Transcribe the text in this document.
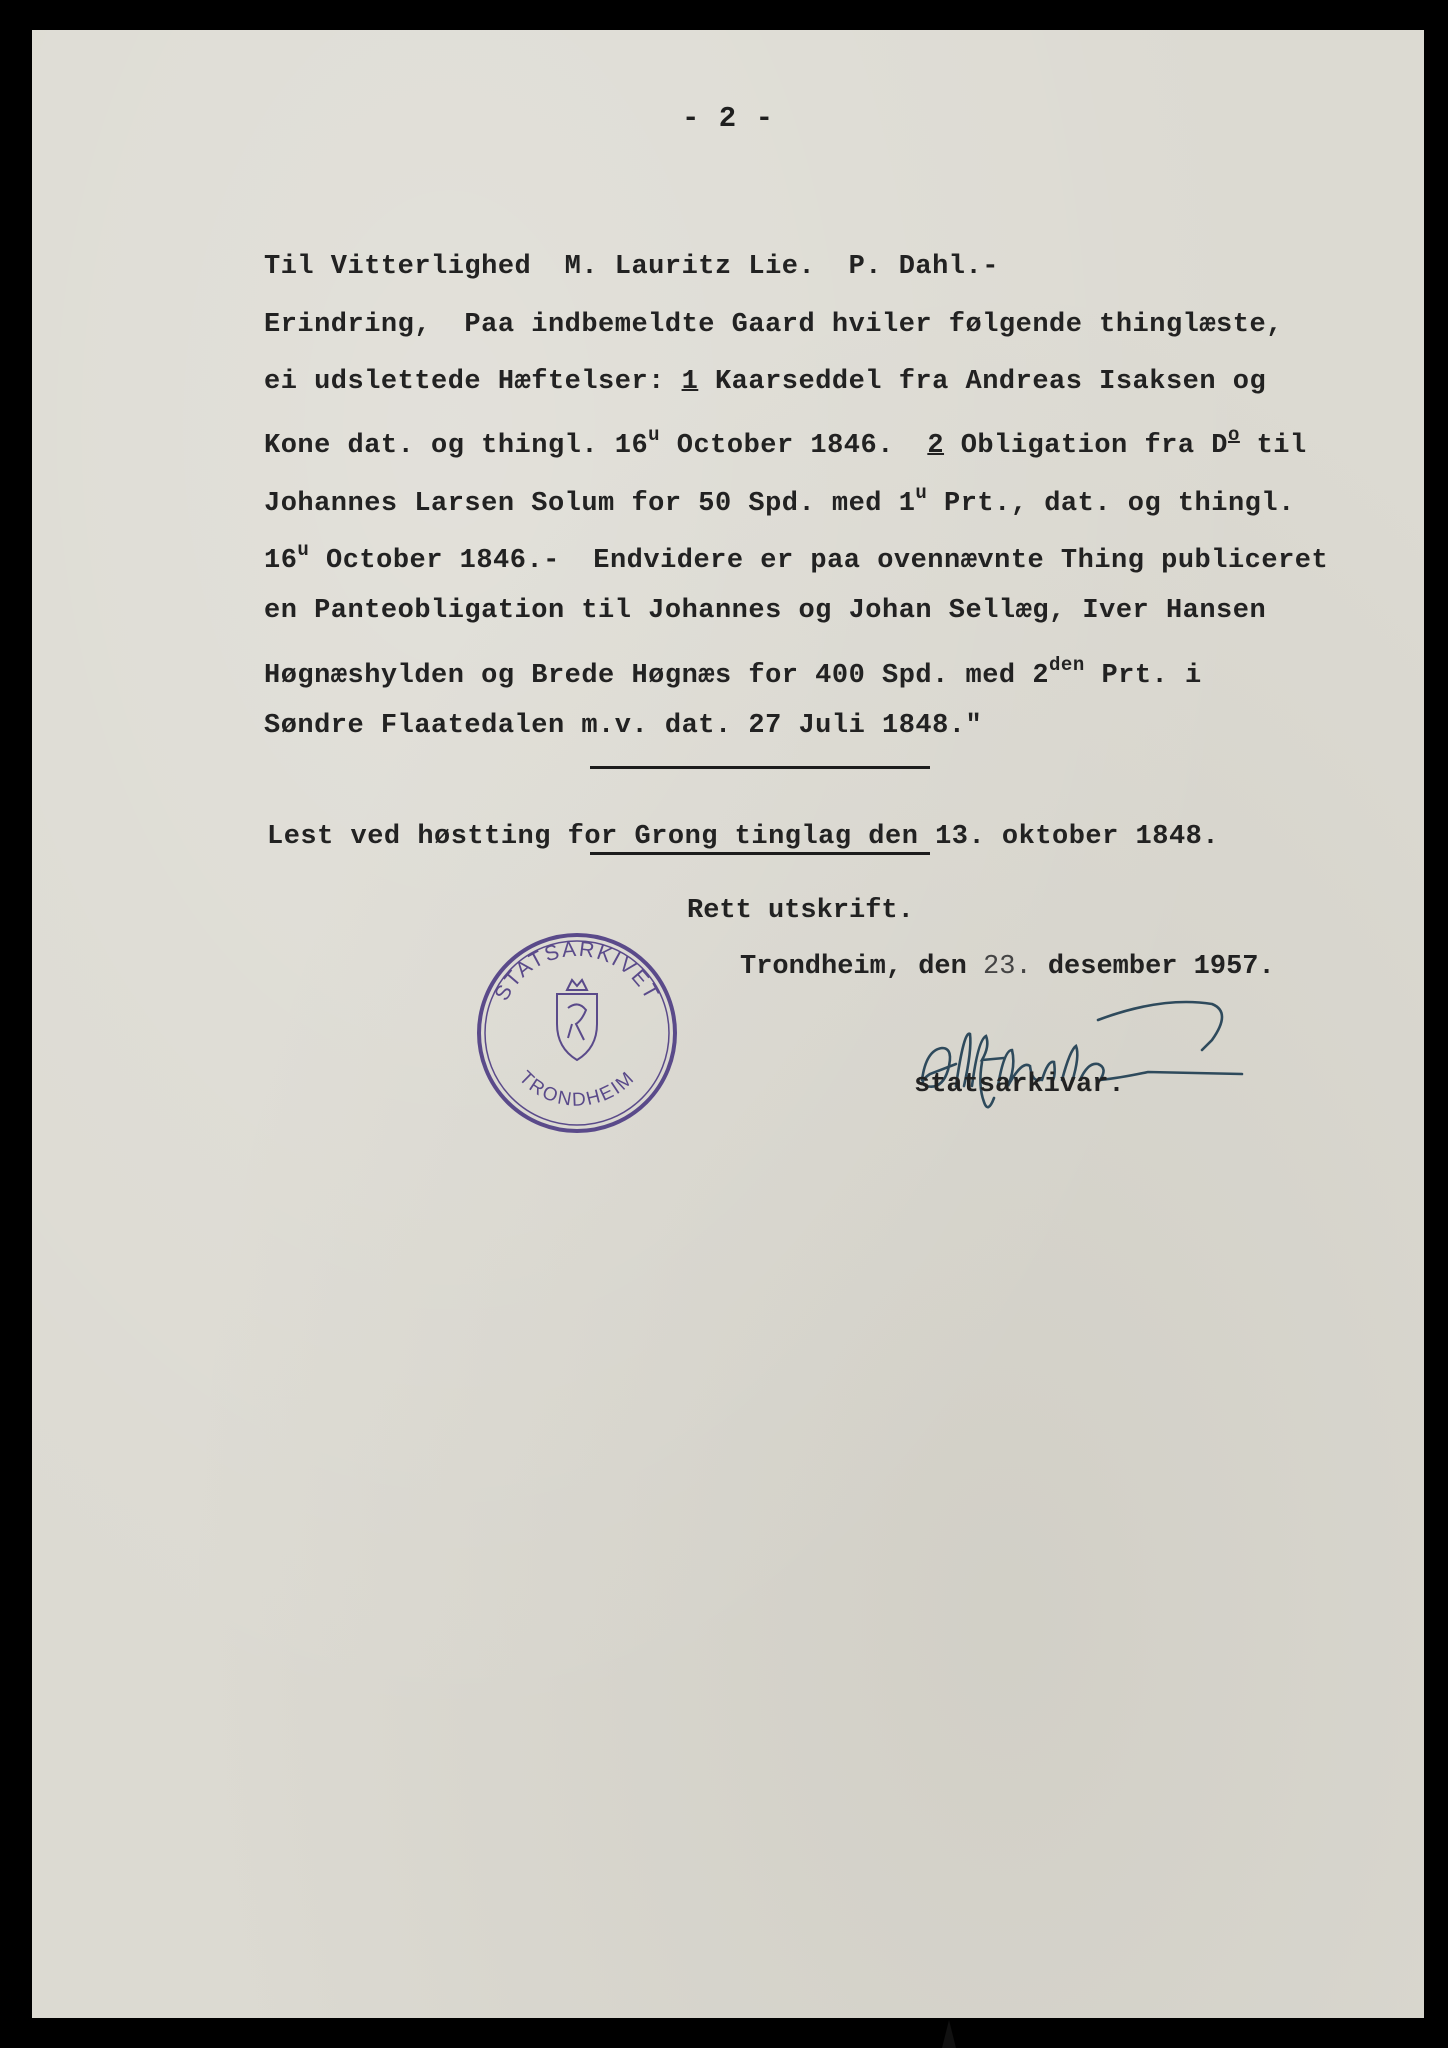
- 2 -
Til Vitterlighed  M. Lauritz Lie.  P. Dahl.-
Erindring,  Paa indbemeldte Gaard hviler følgende thinglæste,
ei udslettede Hæftelser: 1 Kaarseddel fra Andreas Isaksen og
Kone dat. og thingl. 16$^u$ October 1846.  2 Obligation fra $D^o$ til
Johannes Larsen Solum for 50 Spd. med 1$^u$ Prt., dat. og thingl.
16$^u$ October 1846.-  Endvidere er paa ovennævnte Thing publiceret
en Panteobligation til Johannes og Johan Sellæg, Iver Hansen
Høgnæshylden og Brede Høgnæs for 400 Spd. med $2^{den}$ Prt. i
Søndre Flaatedalen m.v. dat. 27 Juli 1848."
Lest ved høstting for Grong tinglag den 13. oktober 1848.
Rett utskrift.
Trondheim, den 23. desember 1957.
STATSARKIVET
TRONDHEIM	statsarkivar.
